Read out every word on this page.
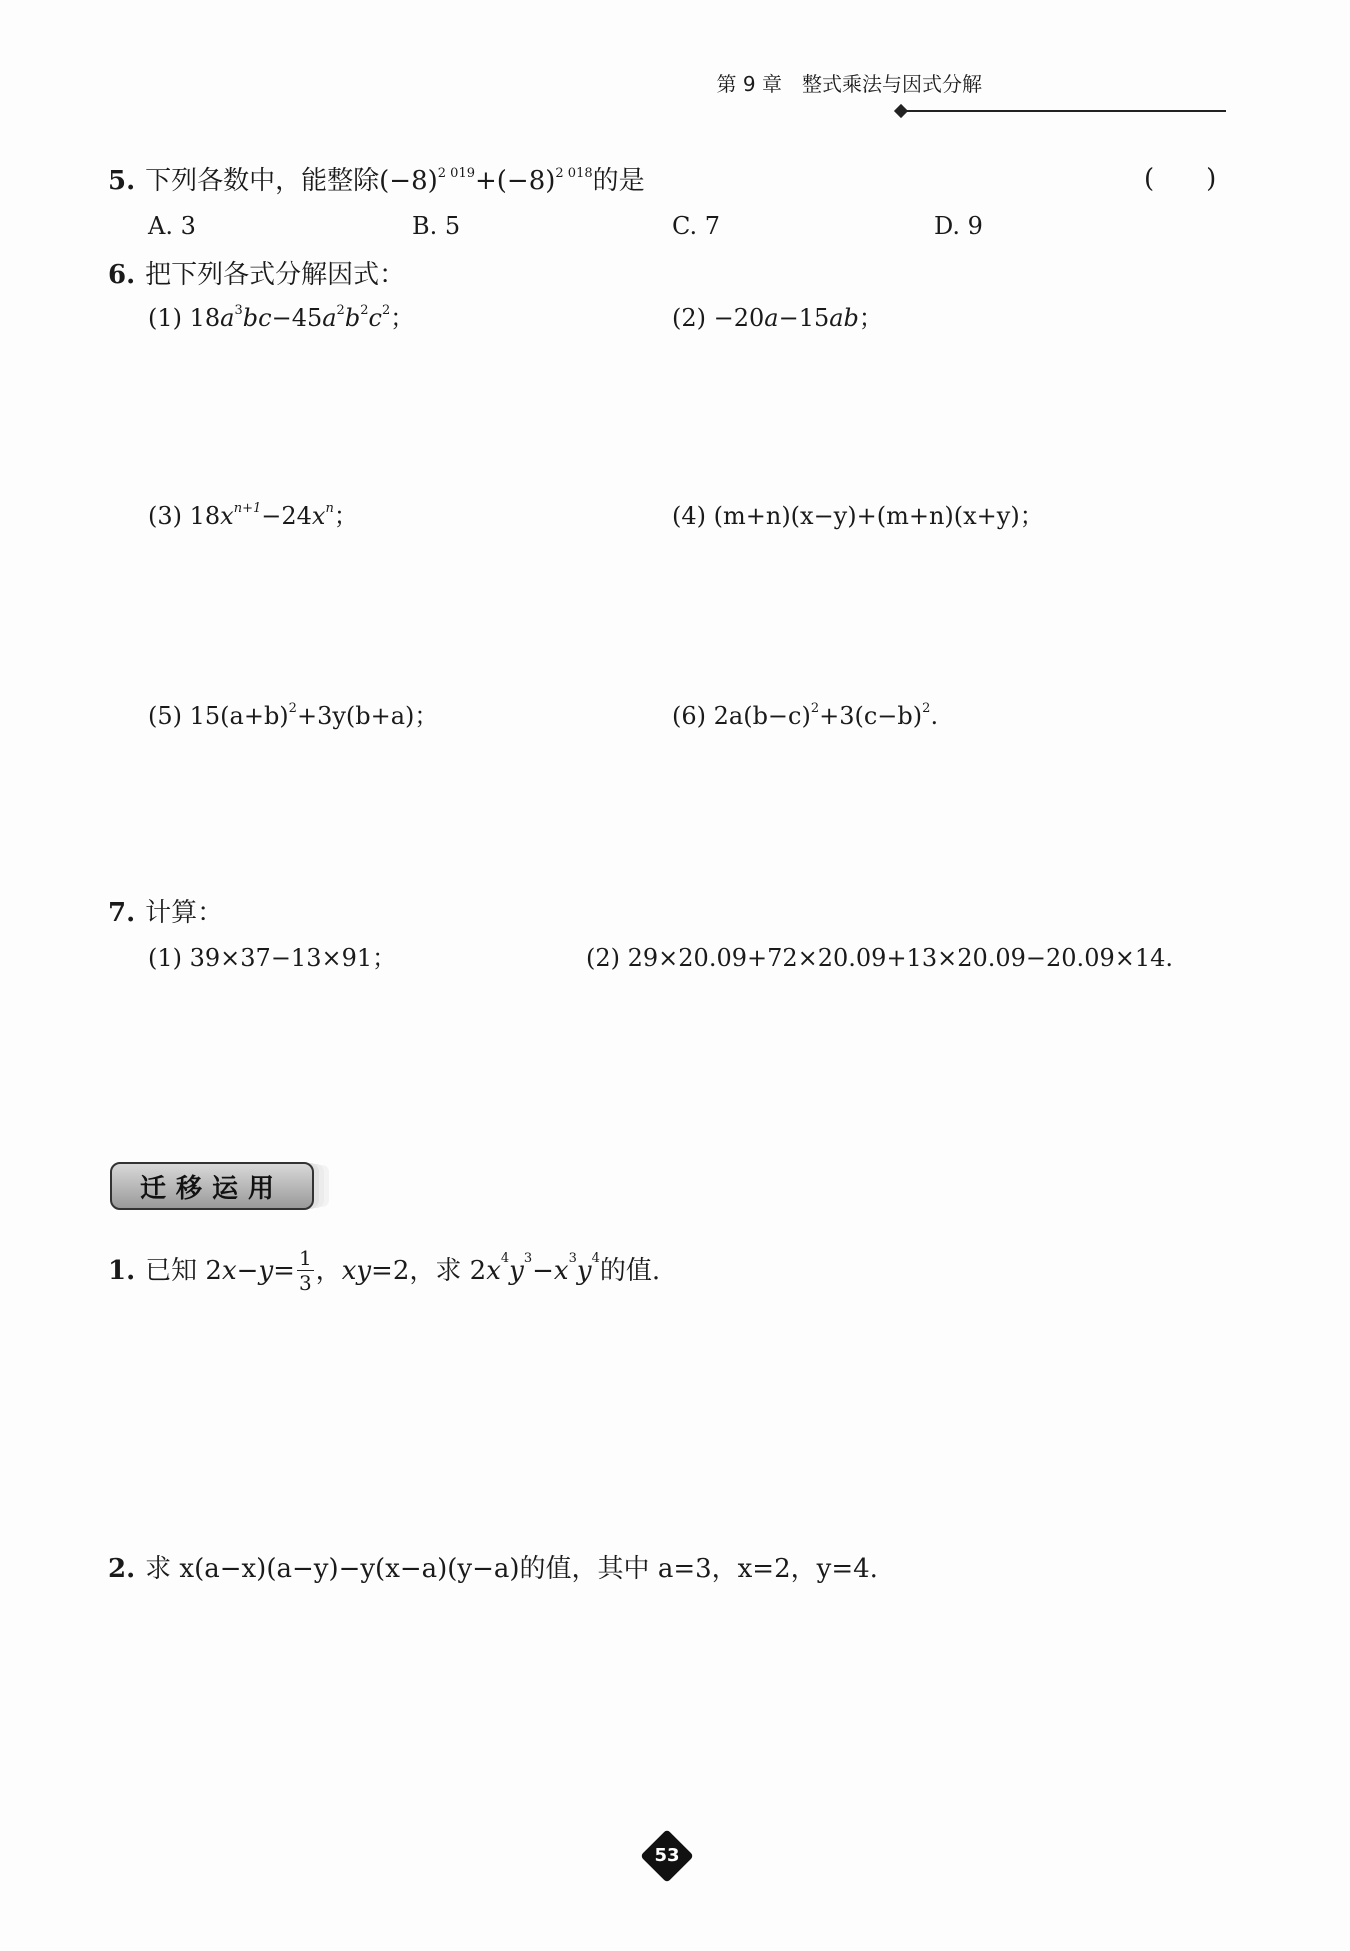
第 9 章　整式乘法与因式分解
5. 下列各数中，能整除$(-8)^{2 019}+(-8)^{2 018}$的是	(　　)
A. 3	B. 5	C. 7	D. 9
6. 把下列各式分解因式：
(1) $18a^3bc-45a^2b^2c^2$；	(2) −20a−15ab；
(3) $18x^{n+1}-24x^n$；	(4) (m+n)(x−y)+(m+n)(x+y)；
(5) $15(a+b)^2+3y(b+a)$；	(6) $2a(b-c)^2+3(c-b)^2$.
7. 计算：
(1) 39×37−13×91；	(2) 29×20.09+72×20.09+13×20.09−20.09×14.
迁移运用
1. 已知 2 $x - y = \frac{1}{3}$ ， xy =2，求 2 $x^4$ $y^3 - x^3$ $y^4$ 的值.
2. 求 x(a−x)(a−y)−y(x−a)(y−a)的值，其中 a=3，x=2，y=4.
53
